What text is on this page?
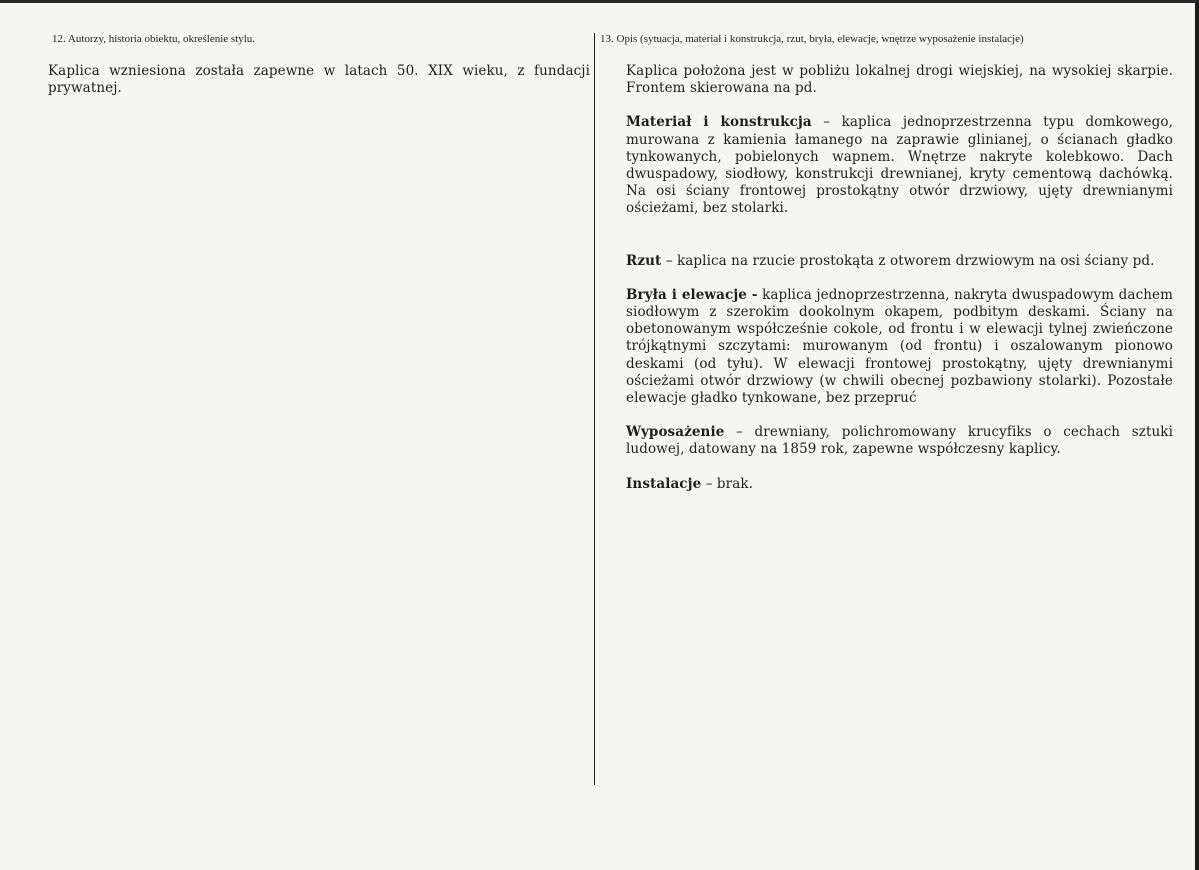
12. Autorzy, historia obiektu, określenie stylu.

Kaplica wzniesiona została zapewne w latach 50. XIX wieku, z fundacji prywatnej.

13. Opis (sytuacja, materiał i konstrukcja, rzut, bryła, elewacje, wnętrze wyposażenie instalacje)

Kaplica położona jest w pobliżu lokalnej drogi wiejskiej, na wysokiej skarpie. Frontem skierowana na pd.

Materiał i konstrukcja – kaplica jednoprzestrzenna typu domkowego, murowana z kamienia łamanego na zaprawie glinianej, o ścianach gładko tynkowanych, pobielonych wapnem. Wnętrze nakryte kolebkowo. Dach dwuspadowy, siodłowy, konstrukcji drewnianej, kryty cementową dachówką. Na osi ściany frontowej prostokątny otwór drzwiowy, ujęty drewnianymi ościeżami, bez stolarki.

Rzut – kaplica na rzucie prostokąta z otworem drzwiowym na osi ściany pd.

Bryła i elewacje - kaplica jednoprzestrzenna, nakryta dwuspadowym dachem siodłowym z szerokim dookolnym okapem, podbitym deskami. Ściany na obetonowanym współcześnie cokole, od frontu i w elewacji tylnej zwieńczone trójkątnymi szczytami: murowanym (od frontu) i oszalowanym pionowo deskami (od tyłu). W elewacji frontowej prostokątny, ujęty drewnianymi ościeżami otwór drzwiowy (w chwili obecnej pozbawiony stolarki). Pozostałe elewacje gładko tynkowane, bez przepruć

Wyposażenie – drewniany, polichromowany krucyfiks o cechach sztuki ludowej, datowany na 1859 rok, zapewne współczesny kaplicy.

Instalacje – brak.
